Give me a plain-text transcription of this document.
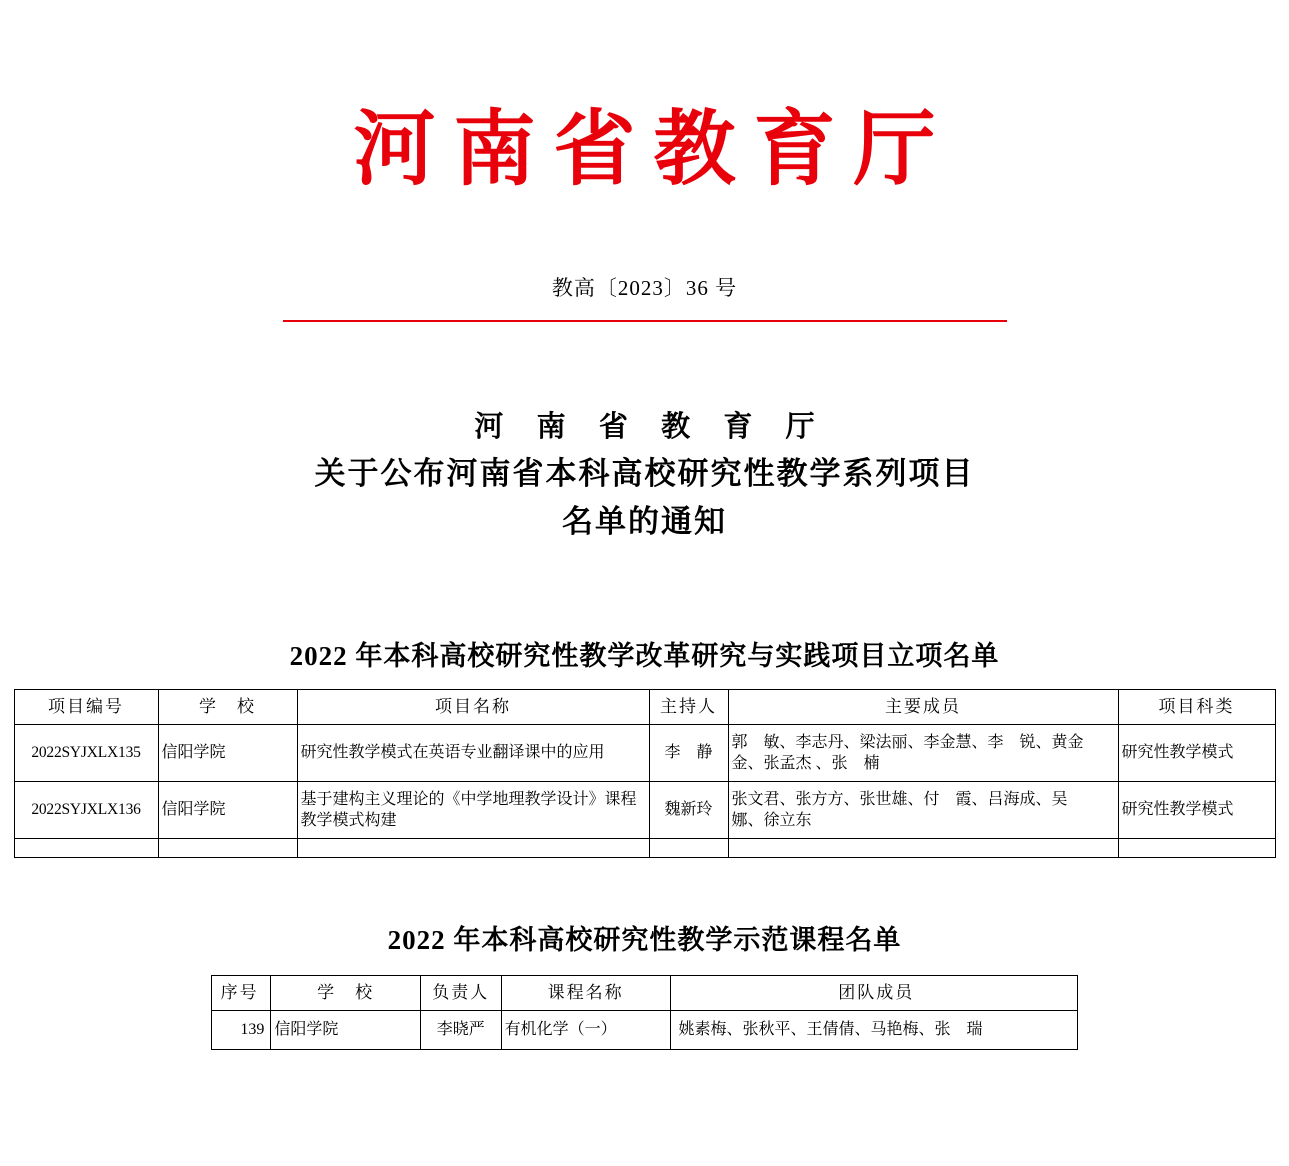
河南省教育厅
教高〔2023〕36 号
河 南 省 教 育 厅
关于公布河南省本科高校研究性教学系列项目
名单的通知
2022 年本科高校研究性教学改革研究与实践项目立项名单
项目编号	学　校	项目名称	主持人	主要成员	项目科类
2022SYJXLX135	信阳学院	研究性教学模式在英语专业翻译课中的应用	李　静	郭　敏、李志丹、梁法丽、李金慧、李　锐、黄金金、张孟杰 、张　楠	研究性教学模式
2022SYJXLX136	信阳学院	基于建构主义理论的《中学地理教学设计》课程教学模式构建	魏新玲	张文君、张方方、张世雄、付　霞、吕海成、吴　娜、徐立东	研究性教学模式

2022 年本科高校研究性教学示范课程名单
序号	学　校	负责人	课程名称	团队成员
139	信阳学院	李晓严	有机化学（一）	姚素梅、张秋平、王倩倩、马艳梅、张　瑞
